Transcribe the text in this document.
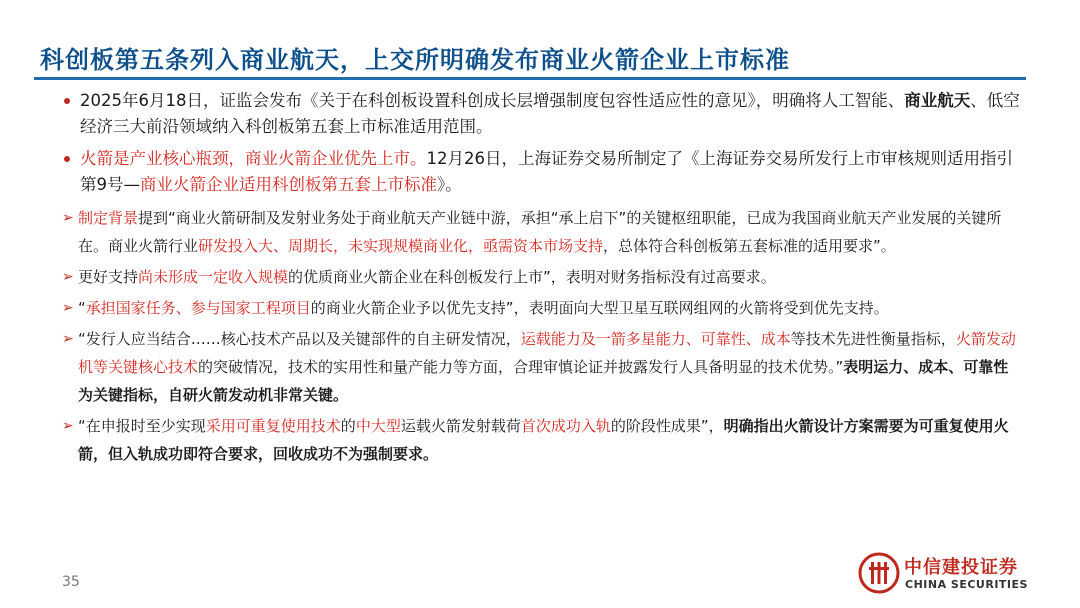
科创板第五条列入商业航天，上交所明确发布商业火箭企业上市标准
2025年6月18日，证监会发布《关于在科创板设置科创成长层增强制度包容性适应性的意见》，明确将人工智能、商业航天、低空经济三大前沿领域纳入科创板第五套上市标准适用范围。
火箭是产业核心瓶颈，商业火箭企业优先上市。12月26日，上海证券交易所制定了《上海证券交易所发行上市审核规则适用指引第9号—商业火箭企业适用科创板第五套上市标准》。
➢ 制定背景提到“商业火箭研制及发射业务处于商业航天产业链中游，承担“承上启下”的关键枢纽职能，已成为我国商业航天产业发展的关键所在。商业火箭行业研发投入大、周期长，未实现规模商业化，亟需资本市场支持，总体符合科创板第五套标准的适用要求”。
➢ 更好支持尚未形成一定收入规模的优质商业火箭企业在科创板发行上市”，表明对财务指标没有过高要求。
➢ “承担国家任务、参与国家工程项目的商业火箭企业予以优先支持”，表明面向大型卫星互联网组网的火箭将受到优先支持。
➢ “发行人应当结合……核心技术产品以及关键部件的自主研发情况，运载能力及一箭多星能力、可靠性、成本等技术先进性衡量指标，火箭发动机等关键核心技术的突破情况，技术的实用性和量产能力等方面，合理审慎论证并披露发行人具备明显的技术优势。”表明运力、成本、可靠性为关键指标，自研火箭发动机非常关键。
➢ “在申报时至少实现采用可重复使用技术的中大型运载火箭发射载荷首次成功入轨的阶段性成果”，明确指出火箭设计方案需要为可重复使用火箭，但入轨成功即符合要求，回收成功不为强制要求。
35
中信建投证券
CHINA SECURITIES
